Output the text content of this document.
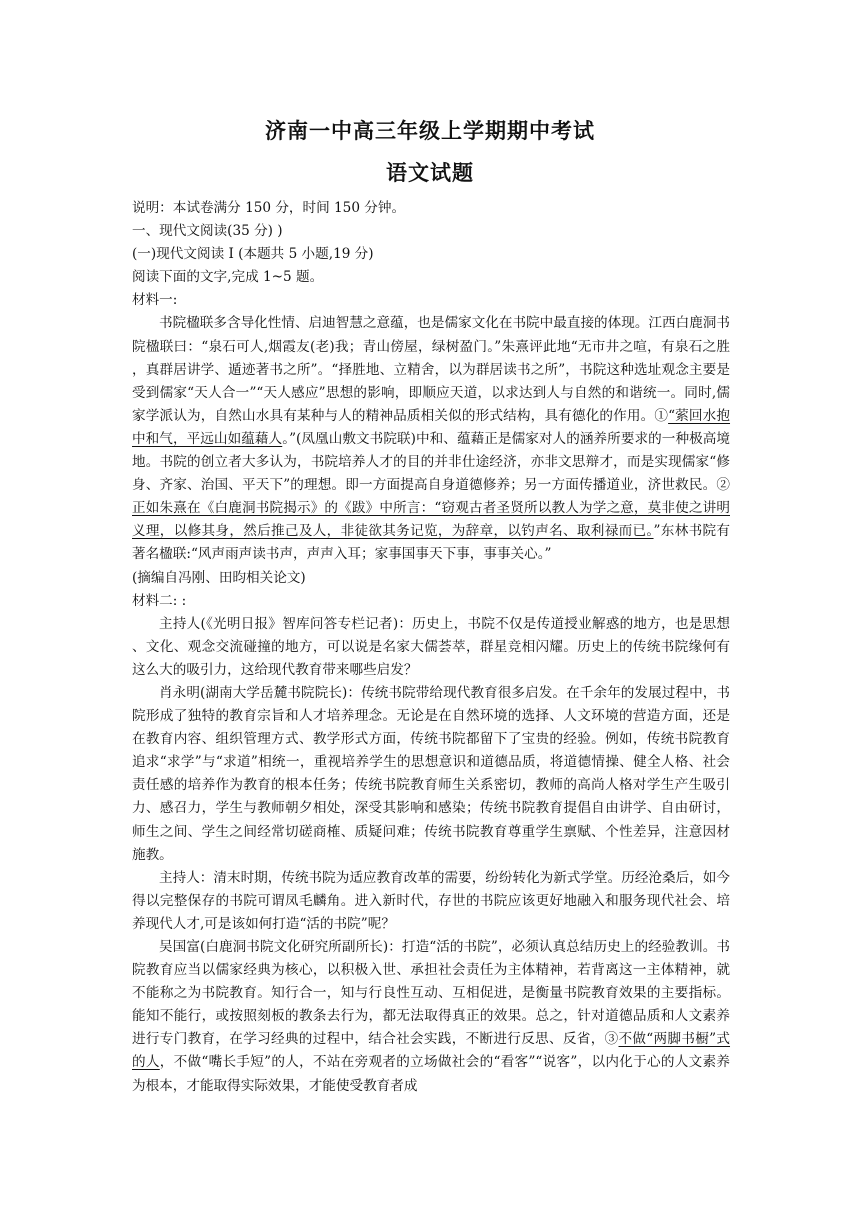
济南一中高三年级上学期期中考试
语文试题
说明：本试卷满分 150 分，时间 150 分钟。
一、现代文阅读(35 分) )
(一)现代文阅读 I (本题共 5 小题,19 分)
阅读下面的文字,完成 1~5 题。
材料一:
书院楹联多含导化性情、启迪智慧之意蕴，也是儒家文化在书院中最直接的体现。江西白鹿洞书院楹联曰：“泉石可人,烟霞友(老)我；青山傍屋，绿树盈门。”朱熹评此地“无市井之喧，有泉石之胜，真群居讲学、遁迹著书之所”。“择胜地、立精舍，以为群居读书之所”，书院这种选址观念主要是受到儒家“天人合一”“天人感应”思想的影响，即顺应天道，以求达到人与自然的和谐统一。同时,儒家学派认为，自然山水具有某种与人的精神品质相关似的形式结构，具有德化的作用。①“萦回水抱中和气，平远山如蕴藉人。”(凤凰山敷文书院联)中和、蕴藉正是儒家对人的涵养所要求的一种极高境地。书院的创立者大多认为，书院培养人才的目的并非仕途经济，亦非文思辩才，而是实现儒家“修身、齐家、治国、平天下”的理想。即一方面提高自身道德修养；另一方面传播道业，济世救民。②正如朱熹在《白鹿洞书院揭示》的《跋》中所言：“窃观古者圣贤所以教人为学之意，莫非使之讲明义理，以修其身，然后推己及人，非徒欲其务记览，为辞章，以钓声名、取利禄而已。”东林书院有著名楹联:“风声雨声读书声，声声入耳；家事国事天下事，事事关心。”
(摘编自冯刚、田昀相关论文)
材料二: :
主持人(《光明日报》智库问答专栏记者)：历史上，书院不仅是传道授业解惑的地方，也是思想、文化、观念交流碰撞的地方，可以说是名家大儒荟萃，群星竞相闪耀。历史上的传统书院缘何有这么大的吸引力，这给现代教育带来哪些启发？
肖永明(湖南大学岳麓书院院长)：传统书院带给现代教育很多启发。在千余年的发展过程中，书院形成了独特的教育宗旨和人才培养理念。无论是在自然环境的选择、人文环境的营造方面，还是在教育内容、组织管理方式、教学形式方面，传统书院都留下了宝贵的经验。例如，传统书院教育追求“求学”与“求道”相统一，重视培养学生的思想意识和道德品质，将道德情操、健全人格、社会责任感的培养作为教育的根本任务；传统书院教育师生关系密切，教师的高尚人格对学生产生吸引力、感召力，学生与教师朝夕相处，深受其影响和感染；传统书院教育提倡自由讲学、自由研讨，师生之间、学生之间经常切磋商榷、质疑问难；传统书院教育尊重学生禀赋、个性差异，注意因材施教。
主持人：清末时期，传统书院为适应教育改革的需要，纷纷转化为新式学堂。历经沧桑后，如今得以完整保存的书院可谓凤毛麟角。进入新时代，存世的书院应该更好地融入和服务现代社会、培养现代人才,可是该如何打造“活的书院”呢？
吴国富(白鹿洞书院文化研究所副所长)：打造“活的书院”，必须认真总结历史上的经验教训。书院教育应当以儒家经典为核心，以积极入世、承担社会责任为主体精神，若背离这一主体精神，就不能称之为书院教育。知行合一，知与行良性互动、互相促进，是衡量书院教育效果的主要指标。能知不能行，或按照刻板的教条去行为，都无法取得真正的效果。总之，针对道德品质和人文素养进行专门教育，在学习经典的过程中，结合社会实践，不断进行反思、反省，③不做“两脚书橱”式的人，不做“嘴长手短”的人，不站在旁观者的立场做社会的“看客”“说客”，以内化于心的人文素养为根本，才能取得实际效果，才能使受教育者成
